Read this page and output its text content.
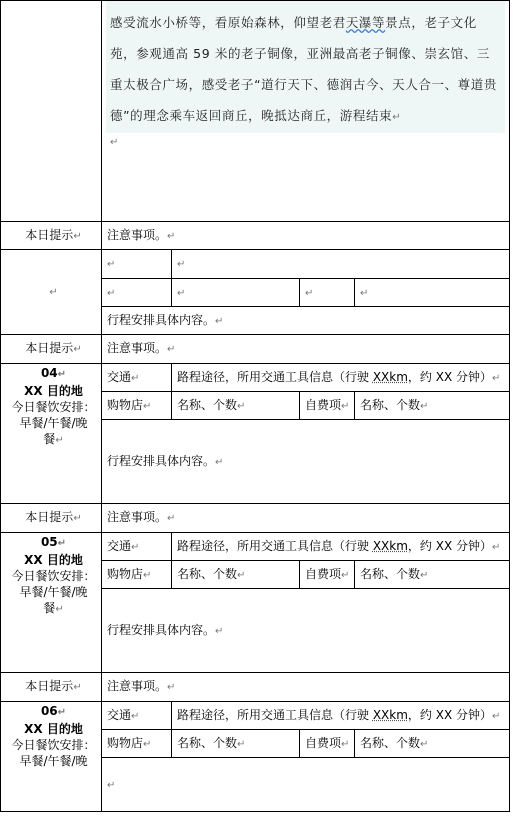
	感受流水小桥等，看原始森林，仰望老君天瀑等景点，老子文化苑，参观通高 59 米的老子铜像，亚洲最高老子铜像、崇玄馆、三重太极合广场，感受老子“道行天下、德润古今、天人合一、尊道贵德”的理念乘车返回商丘，晚抵达商丘，游程结束↵
↵			

本日提示↵	注意事项。↵			
↵	↵	↵		
	↵	↵	↵	↵
	行程安排具体内容。↵			
本日提示↵	注意事项。↵			

04↵
XX 目的地
今日餐饮安排：
早餐/午餐/晚
餐↵	交通↵	路程途径，所用交通工具信息（行驶 XXkm，约 XX 分钟）↵		
	购物店↵	名称、个数↵	自费项↵	名称、个数↵
	行程安排具体内容。↵			
本日提示↵	注意事项。↵			

05↵
XX 目的地
今日餐饮安排：
早餐/午餐/晚
餐↵	交通↵	路程途径，所用交通工具信息（行驶 XXkm，约 XX 分钟）↵		
	购物店↵	名称、个数↵	自费项↵	名称、个数↵
	行程安排具体内容。↵			
本日提示↵	注意事项。↵			

06↵
XX 目的地
今日餐饮安排：
早餐/午餐/晚	交通↵	路程途径，所用交通工具信息（行驶 XXkm，约 XX 分钟）↵		
	购物店↵	名称、个数↵	自费项↵	名称、个数↵
	↵			
